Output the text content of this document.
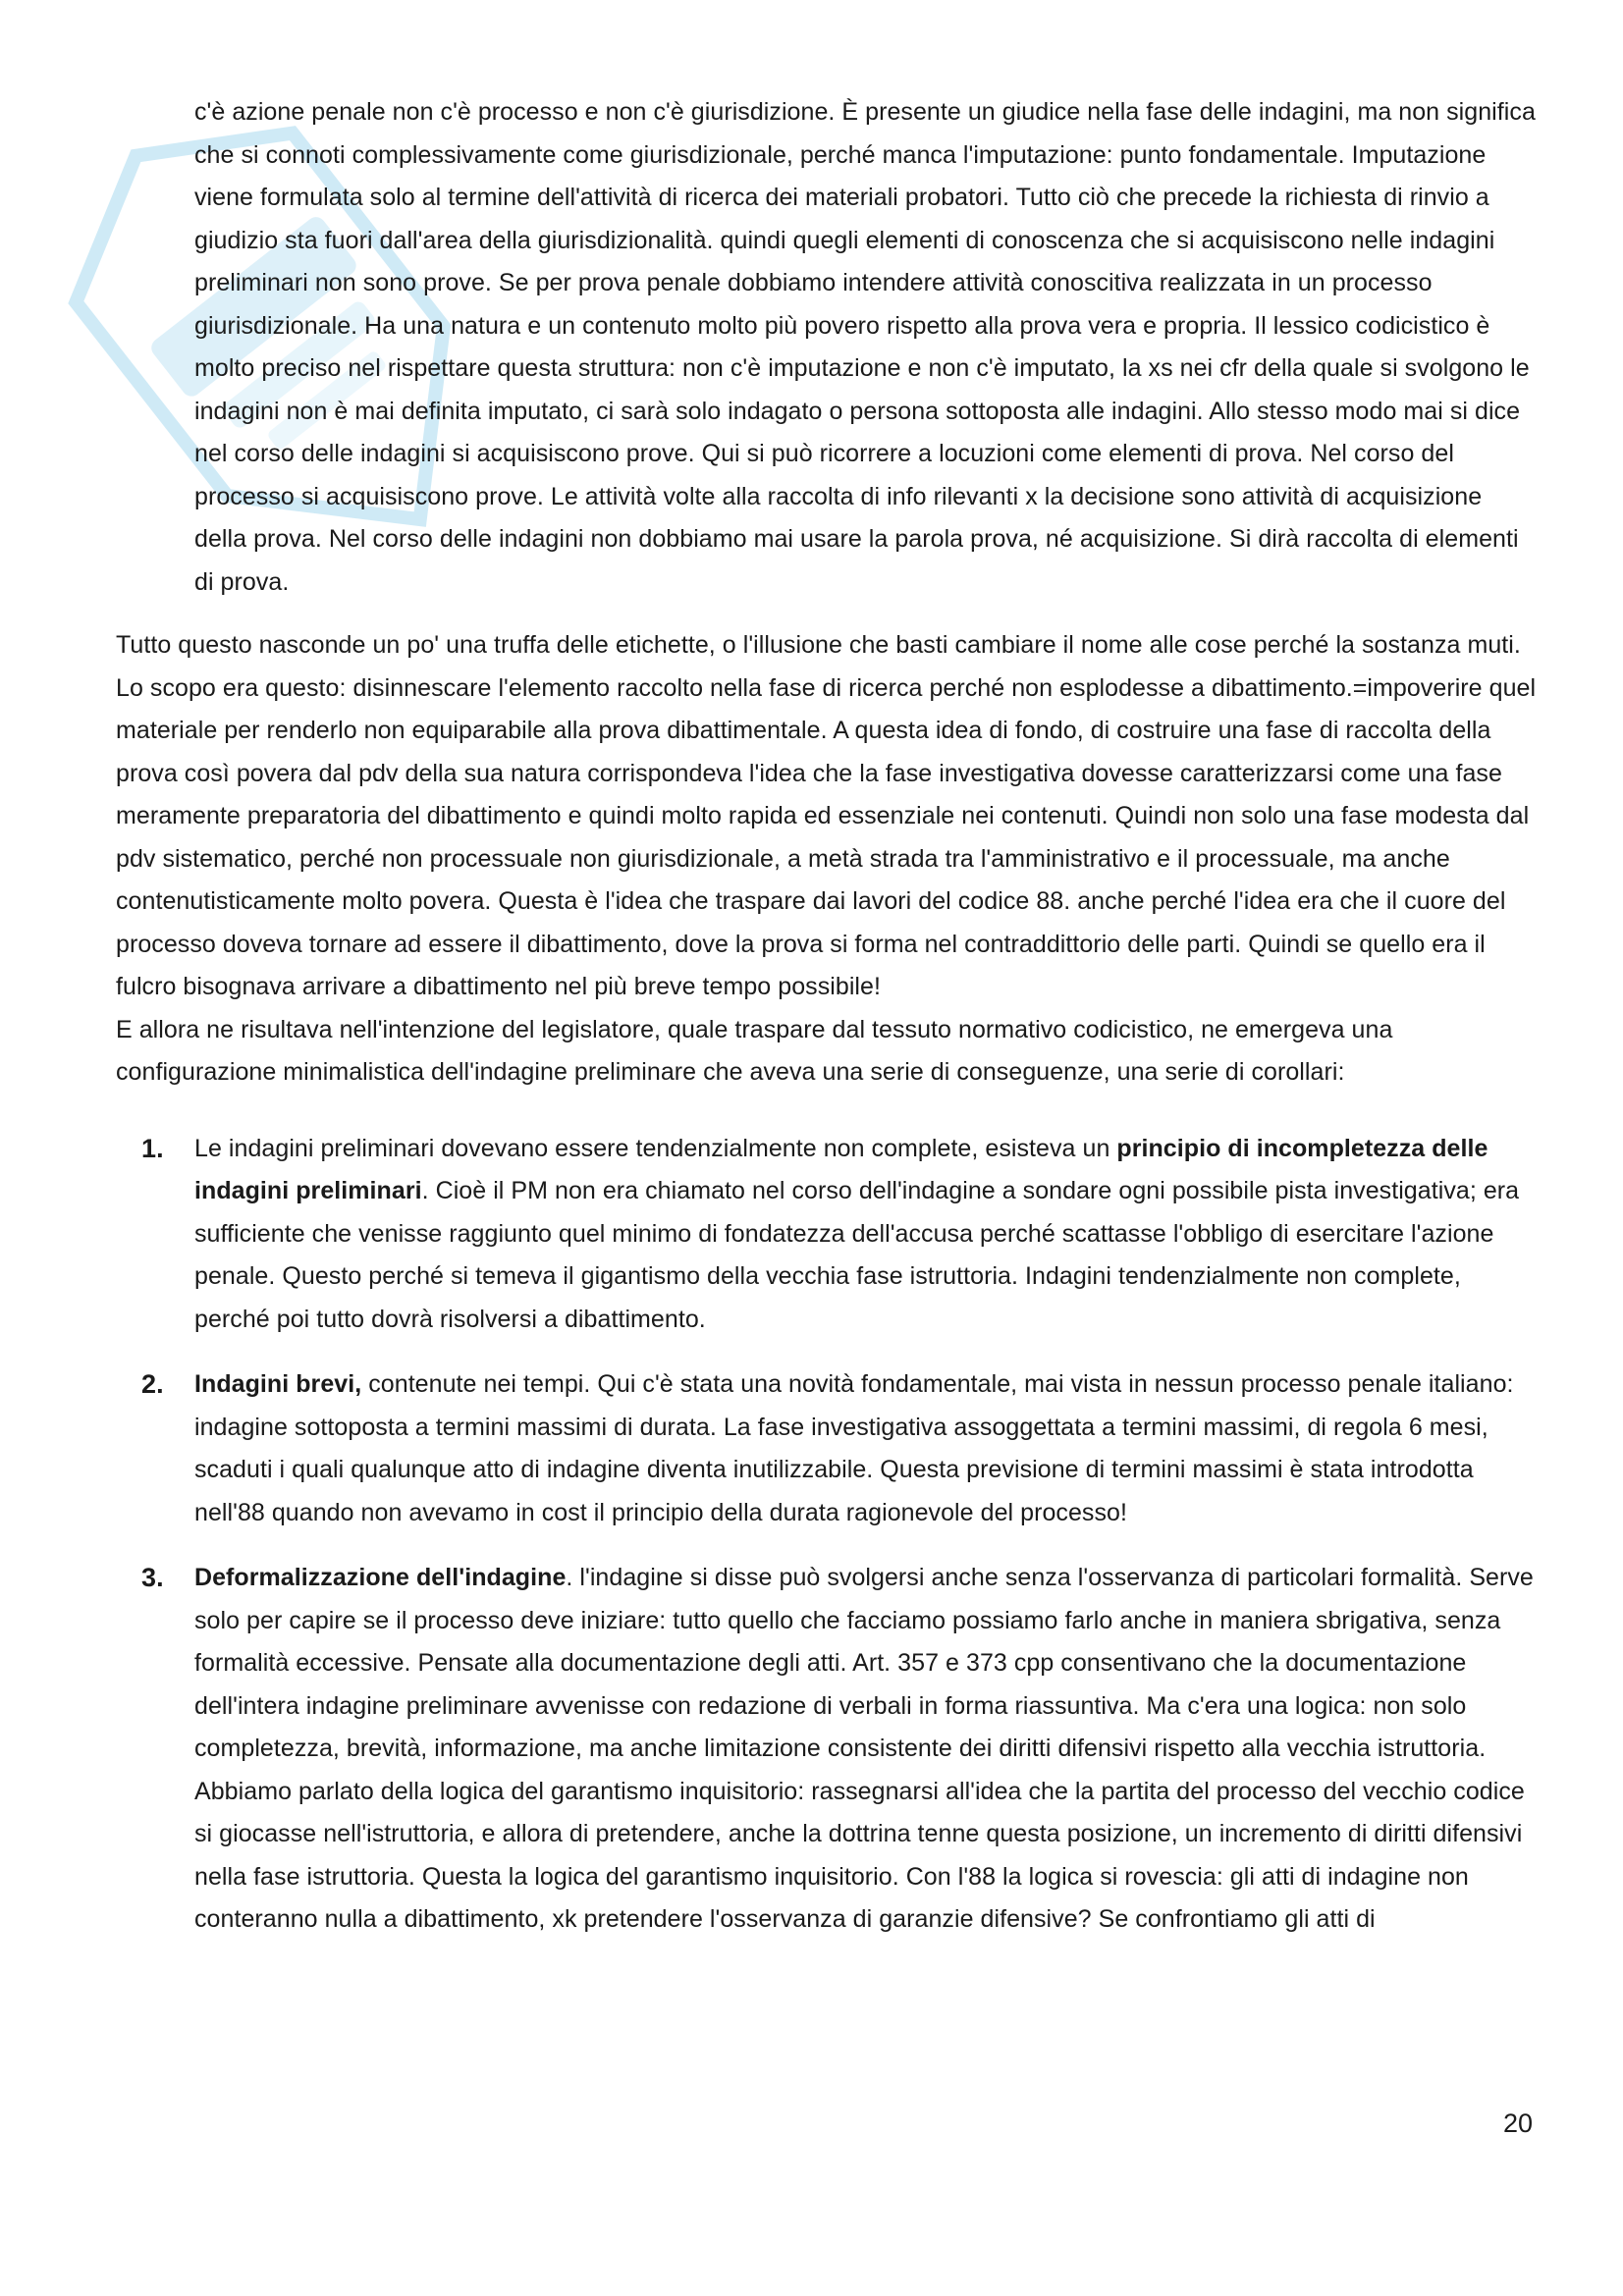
c'è azione penale non c'è processo e non c'è giurisdizione. È presente un giudice nella fase delle indagini, ma non significa che si connoti complessivamente come giurisdizionale, perché manca l'imputazione: punto fondamentale. Imputazione viene formulata solo al termine dell'attività di ricerca dei materiali probatori. Tutto ciò che precede la richiesta di rinvio a giudizio sta fuori dall'area della giurisdizionalità. quindi quegli elementi di conoscenza che si acquisiscono nelle indagini preliminari non sono prove. Se per prova penale dobbiamo intendere attività conoscitiva realizzata in un processo giurisdizionale. Ha una natura e un contenuto molto più povero rispetto alla prova vera e propria. Il lessico codicistico è molto preciso nel rispettare questa struttura: non c'è imputazione e non c'è imputato, la xs nei cfr della quale si svolgono le indagini non è mai definita imputato, ci sarà solo indagato o persona sottoposta alle indagini. Allo stesso modo mai si dice nel corso delle indagini si acquisiscono prove. Qui si può ricorrere a locuzioni come elementi di prova. Nel corso del processo si acquisiscono prove. Le attività volte alla raccolta di info rilevanti x la decisione sono attività di acquisizione della prova. Nel corso delle indagini non dobbiamo mai usare la parola prova, né acquisizione. Si dirà raccolta di elementi di prova.

Tutto questo nasconde un po' una truffa delle etichette, o l'illusione che basti cambiare il nome alle cose perché la sostanza muti. Lo scopo era questo: disinnescare l'elemento raccolto nella fase di ricerca perché non esplodesse a dibattimento.=impoverire quel materiale per renderlo non equiparabile alla prova dibattimentale. A questa idea di fondo, di costruire una fase di raccolta della prova così povera dal pdv della sua natura corrispondeva l'idea che la fase investigativa dovesse caratterizzarsi come una fase meramente preparatoria del dibattimento e quindi molto rapida ed essenziale nei contenuti. Quindi non solo una fase modesta dal pdv sistematico, perché non processuale non giurisdizionale, a metà strada tra l'amministrativo e il processuale, ma anche contenutisticamente molto povera. Questa è l'idea che traspare dai lavori del codice 88. anche perché l'idea era che il cuore del processo doveva tornare ad essere il dibattimento, dove la prova si forma nel contraddittorio delle parti. Quindi se quello era il fulcro bisognava arrivare a dibattimento nel più breve tempo possibile!

E allora ne risultava nell'intenzione del legislatore, quale traspare dal tessuto normativo codicistico, ne emergeva una configurazione minimalistica dell'indagine preliminare che aveva una serie di conseguenze, una serie di corollari:

1. Le indagini preliminari dovevano essere tendenzialmente non complete, esisteva un principio di incompletezza delle indagini preliminari. Cioè il PM non era chiamato nel corso dell'indagine a sondare ogni possibile pista investigativa; era sufficiente che venisse raggiunto quel minimo di fondatezza dell'accusa perché scattasse l'obbligo di esercitare l'azione penale. Questo perché si temeva il gigantismo della vecchia fase istruttoria. Indagini tendenzialmente non complete, perché poi tutto dovrà risolversi a dibattimento.
2. Indagini brevi, contenute nei tempi. Qui c'è stata una novità fondamentale, mai vista in nessun processo penale italiano: indagine sottoposta a termini massimi di durata. La fase investigativa assoggettata a termini massimi, di regola 6 mesi, scaduti i quali qualunque atto di indagine diventa inutilizzabile. Questa previsione di termini massimi è stata introdotta nell'88 quando non avevamo in cost il principio della durata ragionevole del processo!
3. Deformalizzazione dell'indagine. l'indagine si disse può svolgersi anche senza l'osservanza di particolari formalità. Serve solo per capire se il processo deve iniziare: tutto quello che facciamo possiamo farlo anche in maniera sbrigativa, senza formalità eccessive. Pensate alla documentazione degli atti. Art. 357 e 373 cpp consentivano che la documentazione dell'intera indagine preliminare avvenisse con redazione di verbali in forma riassuntiva. Ma c'era una logica: non solo completezza, brevità, informazione, ma anche limitazione consistente dei diritti difensivi rispetto alla vecchia istruttoria. Abbiamo parlato della logica del garantismo inquisitorio: rassegnarsi all'idea che la partita del processo del vecchio codice si giocasse nell'istruttoria, e allora di pretendere, anche la dottrina tenne questa posizione, un incremento di diritti difensivi nella fase istruttoria. Questa la logica del garantismo inquisitorio. Con l'88 la logica si rovescia: gli atti di indagine non conteranno nulla a dibattimento, xk pretendere l'osservanza di garanzie difensive? Se confrontiamo gli atti di
20
